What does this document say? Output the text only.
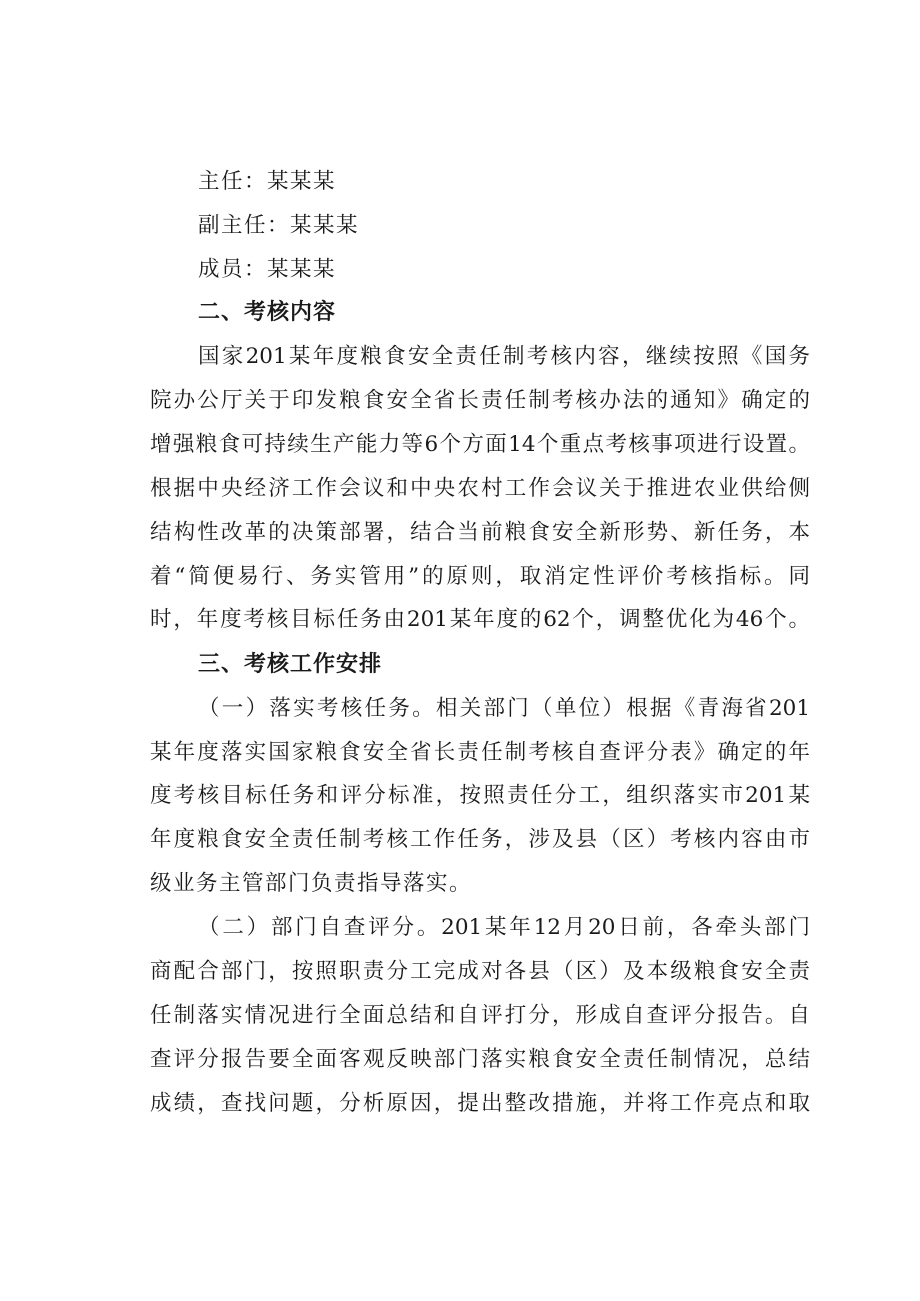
主任：某某某
副主任：某某某
成员：某某某
二、考核内容
国家201某年度粮食安全责任制考核内容，继续按照《国务
院办公厅关于印发粮食安全省长责任制考核办法的通知》确定的
增强粮食可持续生产能力等6个方面14个重点考核事项进行设置。
根据中央经济工作会议和中央农村工作会议关于推进农业供给侧
结构性改革的决策部署，结合当前粮食安全新形势、新任务，本
着“简便易行、务实管用”的原则，取消定性评价考核指标。同
时，年度考核目标任务由201某年度的62个，调整优化为46个。
三、考核工作安排
（一）落实考核任务。相关部门（单位）根据《青海省201
某年度落实国家粮食安全省长责任制考核自查评分表》确定的年
度考核目标任务和评分标准，按照责任分工，组织落实市201某
年度粮食安全责任制考核工作任务，涉及县（区）考核内容由市
级业务主管部门负责指导落实。
（二）部门自查评分。201某年12月20日前，各牵头部门
商配合部门，按照职责分工完成对各县（区）及本级粮食安全责
任制落实情况进行全面总结和自评打分，形成自查评分报告。自
查评分报告要全面客观反映部门落实粮食安全责任制情况，总结
成绩，查找问题，分析原因，提出整改措施，并将工作亮点和取
